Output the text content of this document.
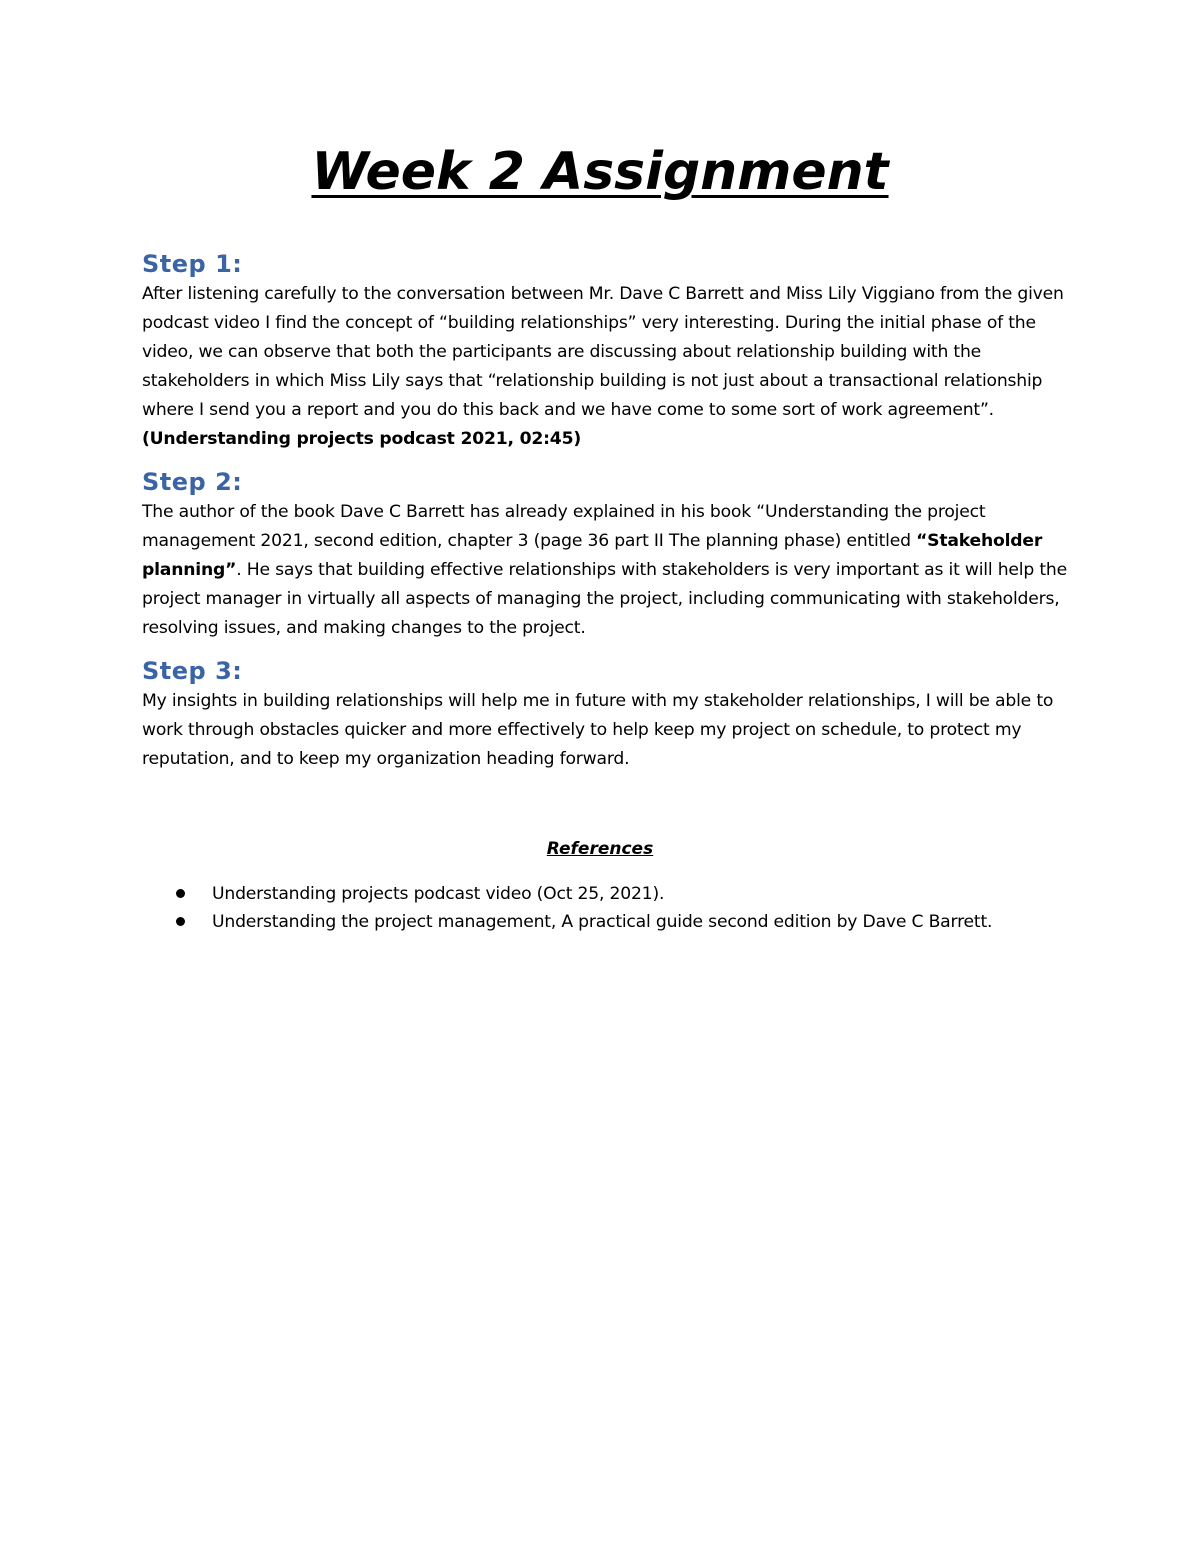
Week 2 Assignment
Step 1:

After listening carefully to the conversation between Mr. Dave C Barrett and Miss Lily Viggiano from the given podcast video I find the concept of “building relationships” very interesting. During the initial phase of the video, we can observe that both the participants are discussing about relationship building with the stakeholders in which Miss Lily says that “relationship building is not just about a transactional relationship where I send you a report and you do this back and we have come to some sort of work agreement”. (Understanding projects podcast 2021, 02:45)

Step 2:

The author of the book Dave C Barrett has already explained in his book “Understanding the project management 2021, second edition, chapter 3 (page 36 part II The planning phase) entitled “Stakeholder planning”. He says that building effective relationships with stakeholders is very important as it will help the project manager in virtually all aspects of managing the project, including communicating with stakeholders, resolving issues, and making changes to the project.

Step 3:

My insights in building relationships will help me in future with my stakeholder relationships, I will be able to work through obstacles quicker and more effectively to help keep my project on schedule, to protect my reputation, and to keep my organization heading forward.

References
Understanding projects podcast video (Oct 25, 2021).
Understanding the project management, A practical guide second edition by Dave C Barrett.
